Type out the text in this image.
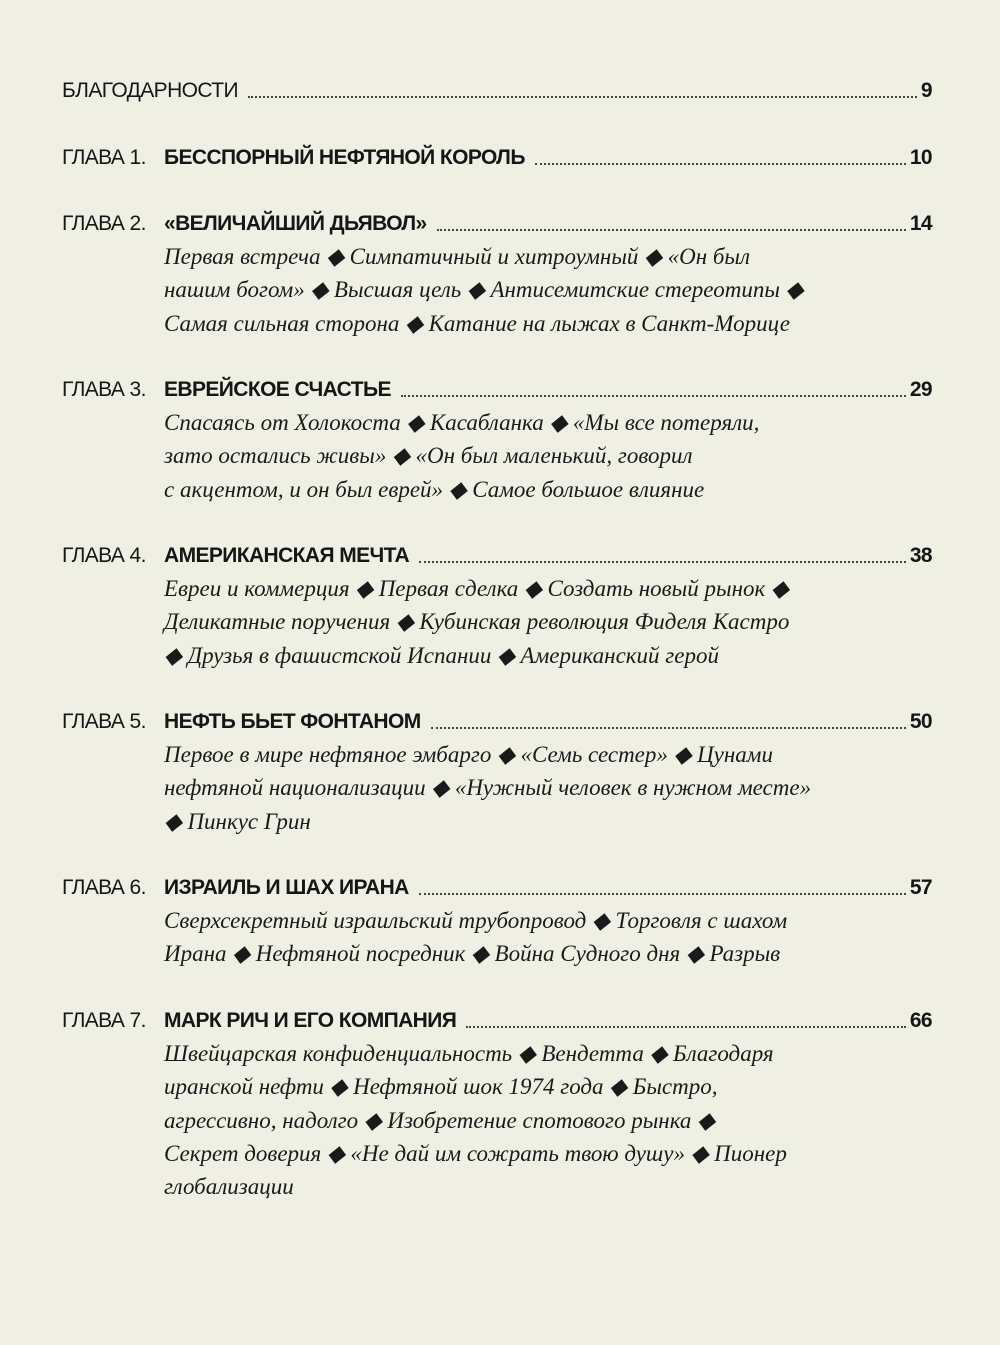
БЛАГОДАРНОСТИ	9
ГЛАВА 1. БЕССПОРНЫЙ НЕФТЯНОЙ КОРОЛЬ	10
ГЛАВА 2. «ВЕЛИЧАЙШИЙ ДЬЯВОЛ»	14
Первая встреча ◆ Симпатичный и хитроумный ◆ «Он был
нашим богом» ◆ Высшая цель ◆ Антисемитские стереотипы ◆
Самая сильная сторона ◆ Катание на лыжах в Санкт-Морице
ГЛАВА 3. ЕВРЕЙСКОЕ СЧАСТЬЕ	29
Спасаясь от Холокоста ◆ Касабланка ◆ «Мы все потеряли,
зато остались живы» ◆ «Он был маленький, говорил
с акцентом, и он был еврей» ◆ Самое большое влияние
ГЛАВА 4. АМЕРИКАНСКАЯ МЕЧТА	38
Евреи и коммерция ◆ Первая сделка ◆ Создать новый рынок ◆
Деликатные поручения ◆ Кубинская революция Фиделя Кастро
◆ Друзья в фашистской Испании ◆ Американский герой
ГЛАВА 5. НЕФТЬ БЬЕТ ФОНТАНОМ	50
Первое в мире нефтяное эмбарго ◆ «Семь сестер» ◆ Цунами
нефтяной национализации ◆ «Нужный человек в нужном месте»
◆ Пинкус Грин
ГЛАВА 6. ИЗРАИЛЬ И ШАХ ИРАНА	57
Сверхсекретный израильский трубопровод ◆ Торговля с шахом
Ирана ◆ Нефтяной посредник ◆ Война Судного дня ◆ Разрыв
ГЛАВА 7. МАРК РИЧ И ЕГО КОМПАНИЯ	66
Швейцарская конфиденциальность ◆ Вендетта ◆ Благодаря
иранской нефти ◆ Нефтяной шок 1974 года ◆ Быстро,
агрессивно, надолго ◆ Изобретение спотового рынка ◆
Секрет доверия ◆ «Не дай им сожрать твою душу» ◆ Пионер
глобализации
